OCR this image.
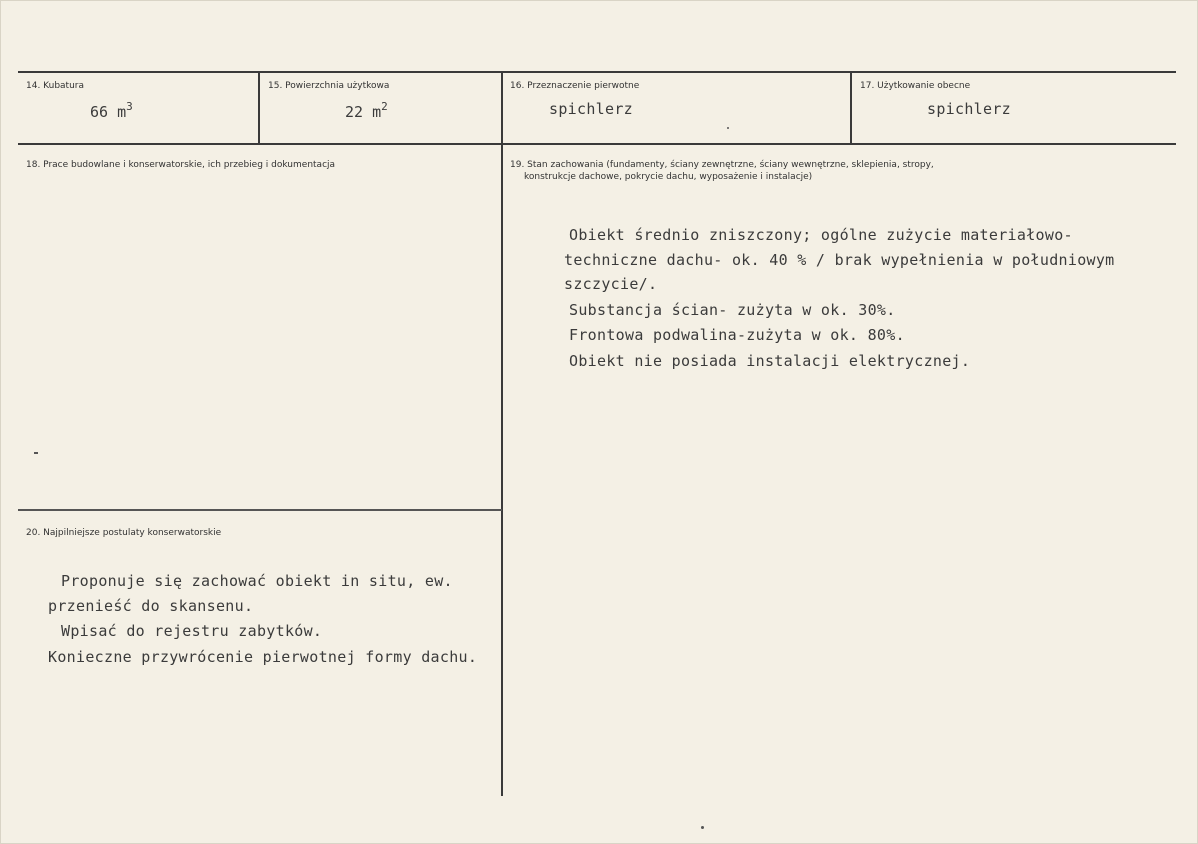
14. Kubatura
66 $m^3$
15. Powierzchnia użytkowa
22 $m^2$
16. Przeznaczenie pierwotne
spichlerz
17. Użytkowanie obecne
spichlerz
18. Prace budowlane i konserwatorskie, ich przebieg i dokumentacja	19. Stan zachowania (fundamenty, ściany zewnętrzne, ściany wewnętrzne, sklepienia, stropy,
konstrukcje dachowe, pokrycie dachu, wyposażenie i instalacje)
Obiekt średnio zniszczony; ogólne zużycie materiałowo-
techniczne dachu- ok. 40 % / brak wypełnienia w południowym
szczycie/.
Substancja ścian- zużyta w ok. 30%.
Frontowa podwalina-zużyta w ok. 80%.
Obiekt nie posiada instalacji elektrycznej.
20. Najpilniejsze postulaty konserwatorskie
Proponuje się zachować obiekt in situ, ew.
przenieść do skansenu.
Wpisać do rejestru zabytków.
Konieczne przywrócenie pierwotnej formy dachu.
